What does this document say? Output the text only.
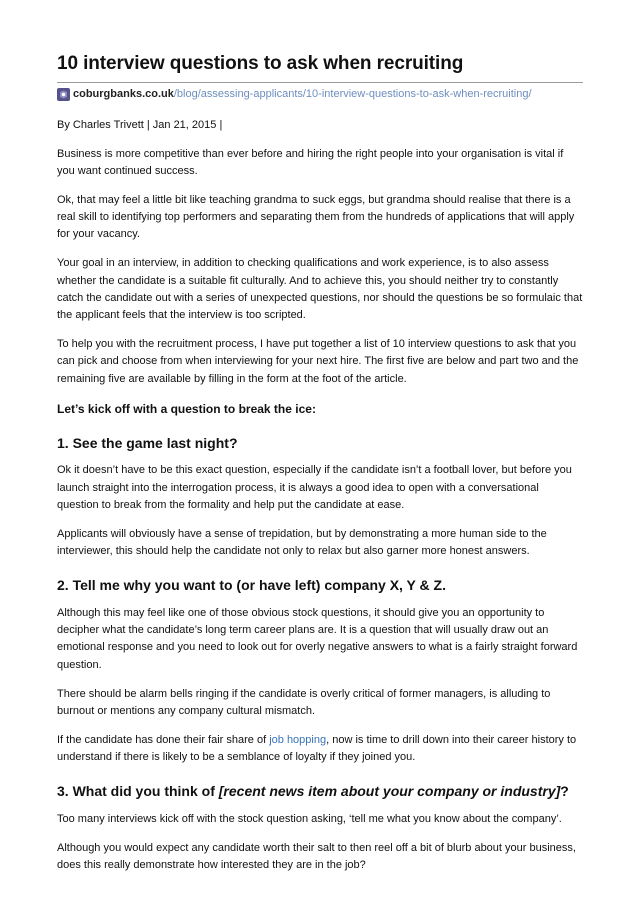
10 interview questions to ask when recruiting
coburgbanks.co.uk /blog/assessing-applicants/10-interview-questions-to-ask-when-recruiting/

By Charles Trivett | Jan 21, 2015 |

Business is more competitive than ever before and hiring the right people into your organisation is vital if you want continued success.

Ok, that may feel a little bit like teaching grandma to suck eggs, but grandma should realise that there is a real skill to identifying top performers and separating them from the hundreds of applications that will apply for your vacancy.

Your goal in an interview, in addition to checking qualifications and work experience, is to also assess whether the candidate is a suitable fit culturally. And to achieve this, you should neither try to constantly catch the candidate out with a series of unexpected questions, nor should the questions be so formulaic that the applicant feels that the interview is too scripted.

To help you with the recruitment process, I have put together a list of 10 interview questions to ask that you can pick and choose from when interviewing for your next hire. The first five are below and part two and the remaining five are available by filling in the form at the foot of the article.

Let’s kick off with a question to break the ice:

1. See the game last night?

Ok it doesn’t have to be this exact question, especially if the candidate isn’t a football lover, but before you launch straight into the interrogation process, it is always a good idea to open with a conversational question to break from the formality and help put the candidate at ease.

Applicants will obviously have a sense of trepidation, but by demonstrating a more human side to the interviewer, this should help the candidate not only to relax but also garner more honest answers.

2. Tell me why you want to (or have left) company X, Y & Z.

Although this may feel like one of those obvious stock questions, it should give you an opportunity to decipher what the candidate’s long term career plans are. It is a question that will usually draw out an emotional response and you need to look out for overly negative answers to what is a fairly straight forward question.

There should be alarm bells ringing if the candidate is overly critical of former managers, is alluding to burnout or mentions any company cultural mismatch.

If the candidate has done their fair share of job hopping, now is time to drill down into their career history to understand if there is likely to be a semblance of loyalty if they joined you.

3. What did you think of [recent news item about your company or industry]?

Too many interviews kick off with the stock question asking, ‘tell me what you know about the company’.

Although you would expect any candidate worth their salt to then reel off a bit of blurb about your business, does this really demonstrate how interested they are in the job?
